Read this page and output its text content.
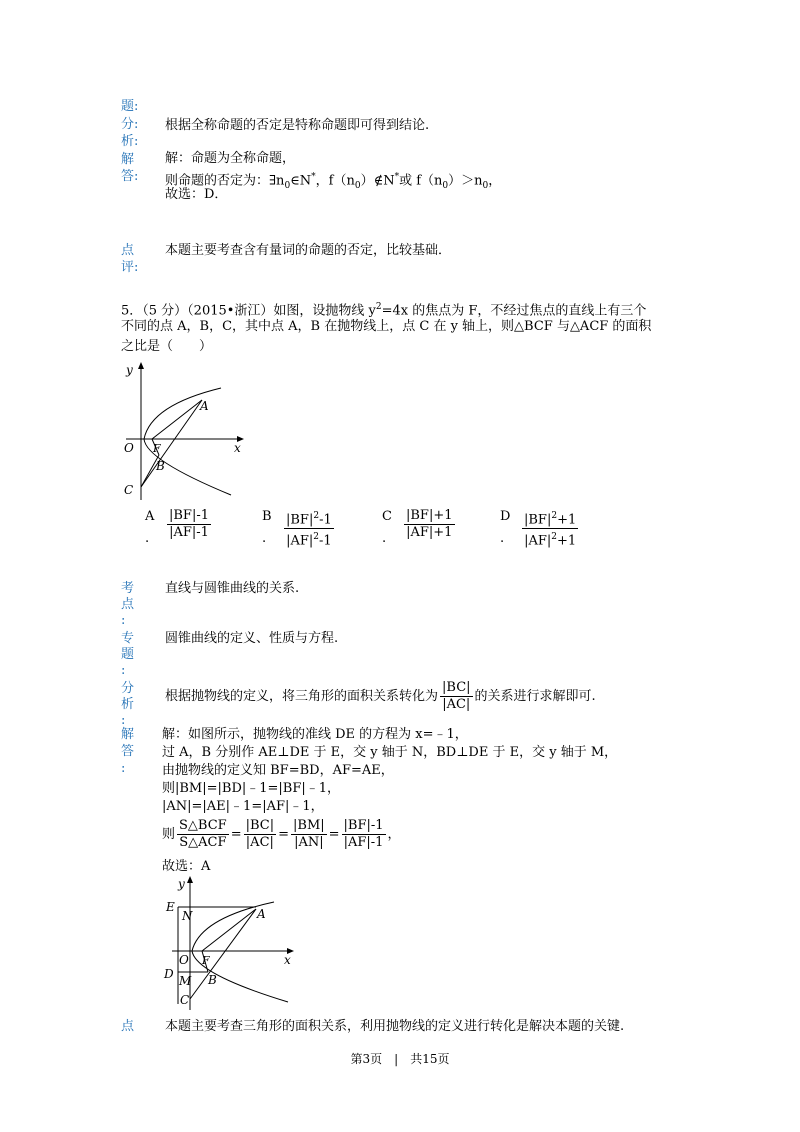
题:
分:
析:
根据全称命题的否定是特称命题即可得到结论.
解
答:
解：命题为全称命题，
则命题的否定为：$\exists n_0\in N^*$，$f(n_0)\notin N^*$或 $f(n_0)>n_0$，
故选：D．
点
评:
本题主要考查含有量词的命题的否定，比较基础．
5．（5 分）（2015•浙江）如图，设抛物线 $y^2=4x$ 的焦点为 F，不经过焦点的直线上有三个
不同的点 A，B，C，其中点 A，B 在抛物线上，点 C 在 y 轴上，则△BCF 与△ACF 的面积
之比是（　　）
y
x
O
A
F
B
C
A
. $\frac{|BF|-1}{|AF|-1}$	B
. $\frac{|BF|^2-1}{|AF|^2-1}$	C
. $\frac{|BF|+1}{|AF|+1}$	D
. $\frac{|BF|^2+1}{|AF|^2+1}$
考
点
:
直线与圆锥曲线的关系.
专
题
:
圆锥曲线的定义、性质与方程.
分
析
:
根据抛物线的定义，将三角形的面积关系转化为 $\frac{|BC|}{|AC|}$ 的关系进行求解即可.
解
答
:
解：如图所示，抛物线的准线 DE 的方程为 x=﹣1，
过 A，B 分别作 AE⊥DE 于 E，交 y 轴于 N，BD⊥DE 于 E，交 y 轴于 M，
由抛物线的定义知 BF=BD，AF=AE，
则|BM|=|BD|﹣1=|BF|﹣1，
|AN|=|AE|﹣1=|AF|﹣1，
则 $\frac{\text{S△BCF}}{\text{S△ACF}} = \frac{|BC|}{|AC|} = \frac{|BM|}{|AN|} = \frac{|BF|-1}{|AF|-1}$ ，
故选：A
y
x
E
N	A
O F
D M B
C
点	本题主要考查三角形的面积关系，利用抛物线的定义进行转化是解决本题的关键.
第3页　|　共15页
